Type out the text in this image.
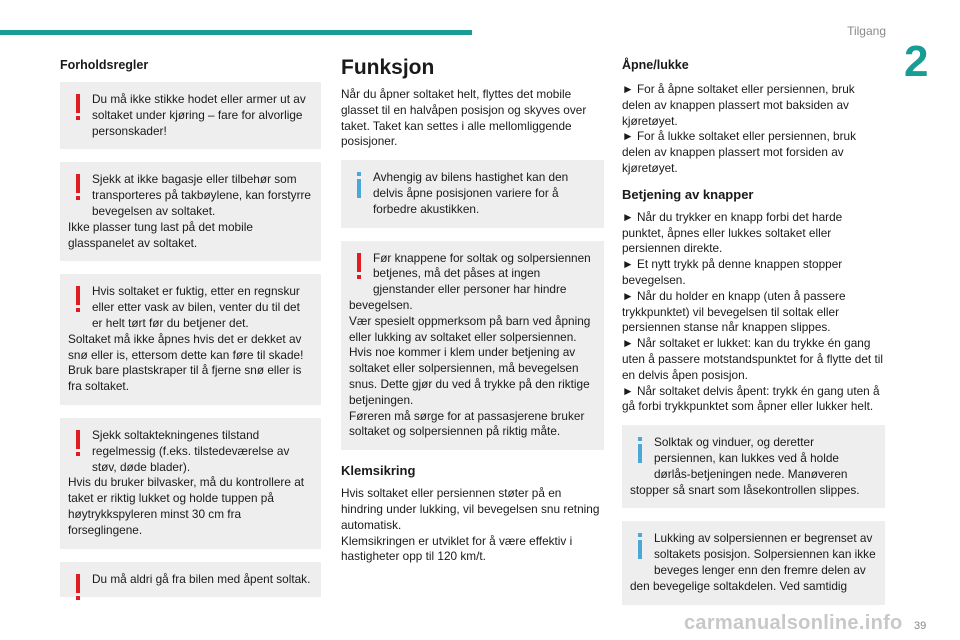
Tilgang
2
Forholdsregler
Du må ikke stikke hodet eller armer ut av soltaket under kjøring – fare for alvorlige personskader!
Sjekk at ikke bagasje eller tilbehør som transporteres på takbøylene, kan forstyrre bevegelsen av soltaket.
Ikke plasser tung last på det mobile glasspanelet av soltaket.
Hvis soltaket er fuktig, etter en regnskur eller etter vask av bilen, venter du til det er helt tørt før du betjener det.
Soltaket må ikke åpnes hvis det er dekket av snø eller is, ettersom dette kan føre til skade!
Bruk bare plastskraper til å fjerne snø eller is fra soltaket.
Sjekk soltaktekningenes tilstand regelmessig (f.eks. tilstedeværelse av støv, døde blader).
Hvis du bruker bilvasker, må du kontrollere at taket er riktig lukket og holde tuppen på høytrykkspyleren minst 30 cm fra forseglingene.
Du må aldri gå fra bilen med åpent soltak.
Funksjon
Når du åpner soltaket helt, flyttes det mobile glasset til en halvåpen posisjon og skyves over taket. Taket kan settes i alle mellomliggende posisjoner.
Avhengig av bilens hastighet kan den delvis åpne posisjonen variere for å forbedre akustikken.
Før knappene for soltak og solpersiennen betjenes, må det påses at ingen gjenstander eller personer har hindre bevegelsen.
Vær spesielt oppmerksom på barn ved åpning eller lukking av soltaket eller solpersiennen.
Hvis noe kommer i klem under betjening av soltaket eller solpersiennen, må bevegelsen snus. Dette gjør du ved å trykke på den riktige betjeningen.
Føreren må sørge for at passasjerene bruker soltaket og solpersiennen på riktig måte.
Klemsikring
Hvis soltaket eller persiennen støter på en hindring under lukking, vil bevegelsen snu retning automatisk.
Klemsikringen er utviklet for å være effektiv i hastigheter opp til 120 km/t.
Åpne/lukke
► For å åpne soltaket eller persiennen, bruk delen av knappen plassert mot baksiden av kjøretøyet.
► For å lukke soltaket eller persiennen, bruk delen av knappen plassert mot forsiden av kjøretøyet.
Betjening av knapper
► Når du trykker en knapp forbi det harde punktet, åpnes eller lukkes soltaket eller persiennen direkte.
► Et nytt trykk på denne knappen stopper bevegelsen.
► Når du holder en knapp (uten å passere trykkpunktet) vil bevegelsen til soltak eller persiennen stanse når knappen slippes.
► Når soltaket er lukket: kan du trykke én gang uten å passere motstandspunktet for å flytte det til en delvis åpen posisjon.
► Når soltaket delvis åpent: trykk én gang uten å gå forbi trykkpunktet som åpner eller lukker helt.
Solktak og vinduer, og deretter persiennen, kan lukkes ved å holde dørlås-betjeningen nede. Manøveren stopper så snart som låsekontrollen slippes.
Lukking av solpersiennen er begrenset av soltakets posisjon. Solpersiennen kan ikke beveges lenger enn den fremre delen av den bevegelige soltakdelen. Ved samtidig
carmanualsonline.info 39
